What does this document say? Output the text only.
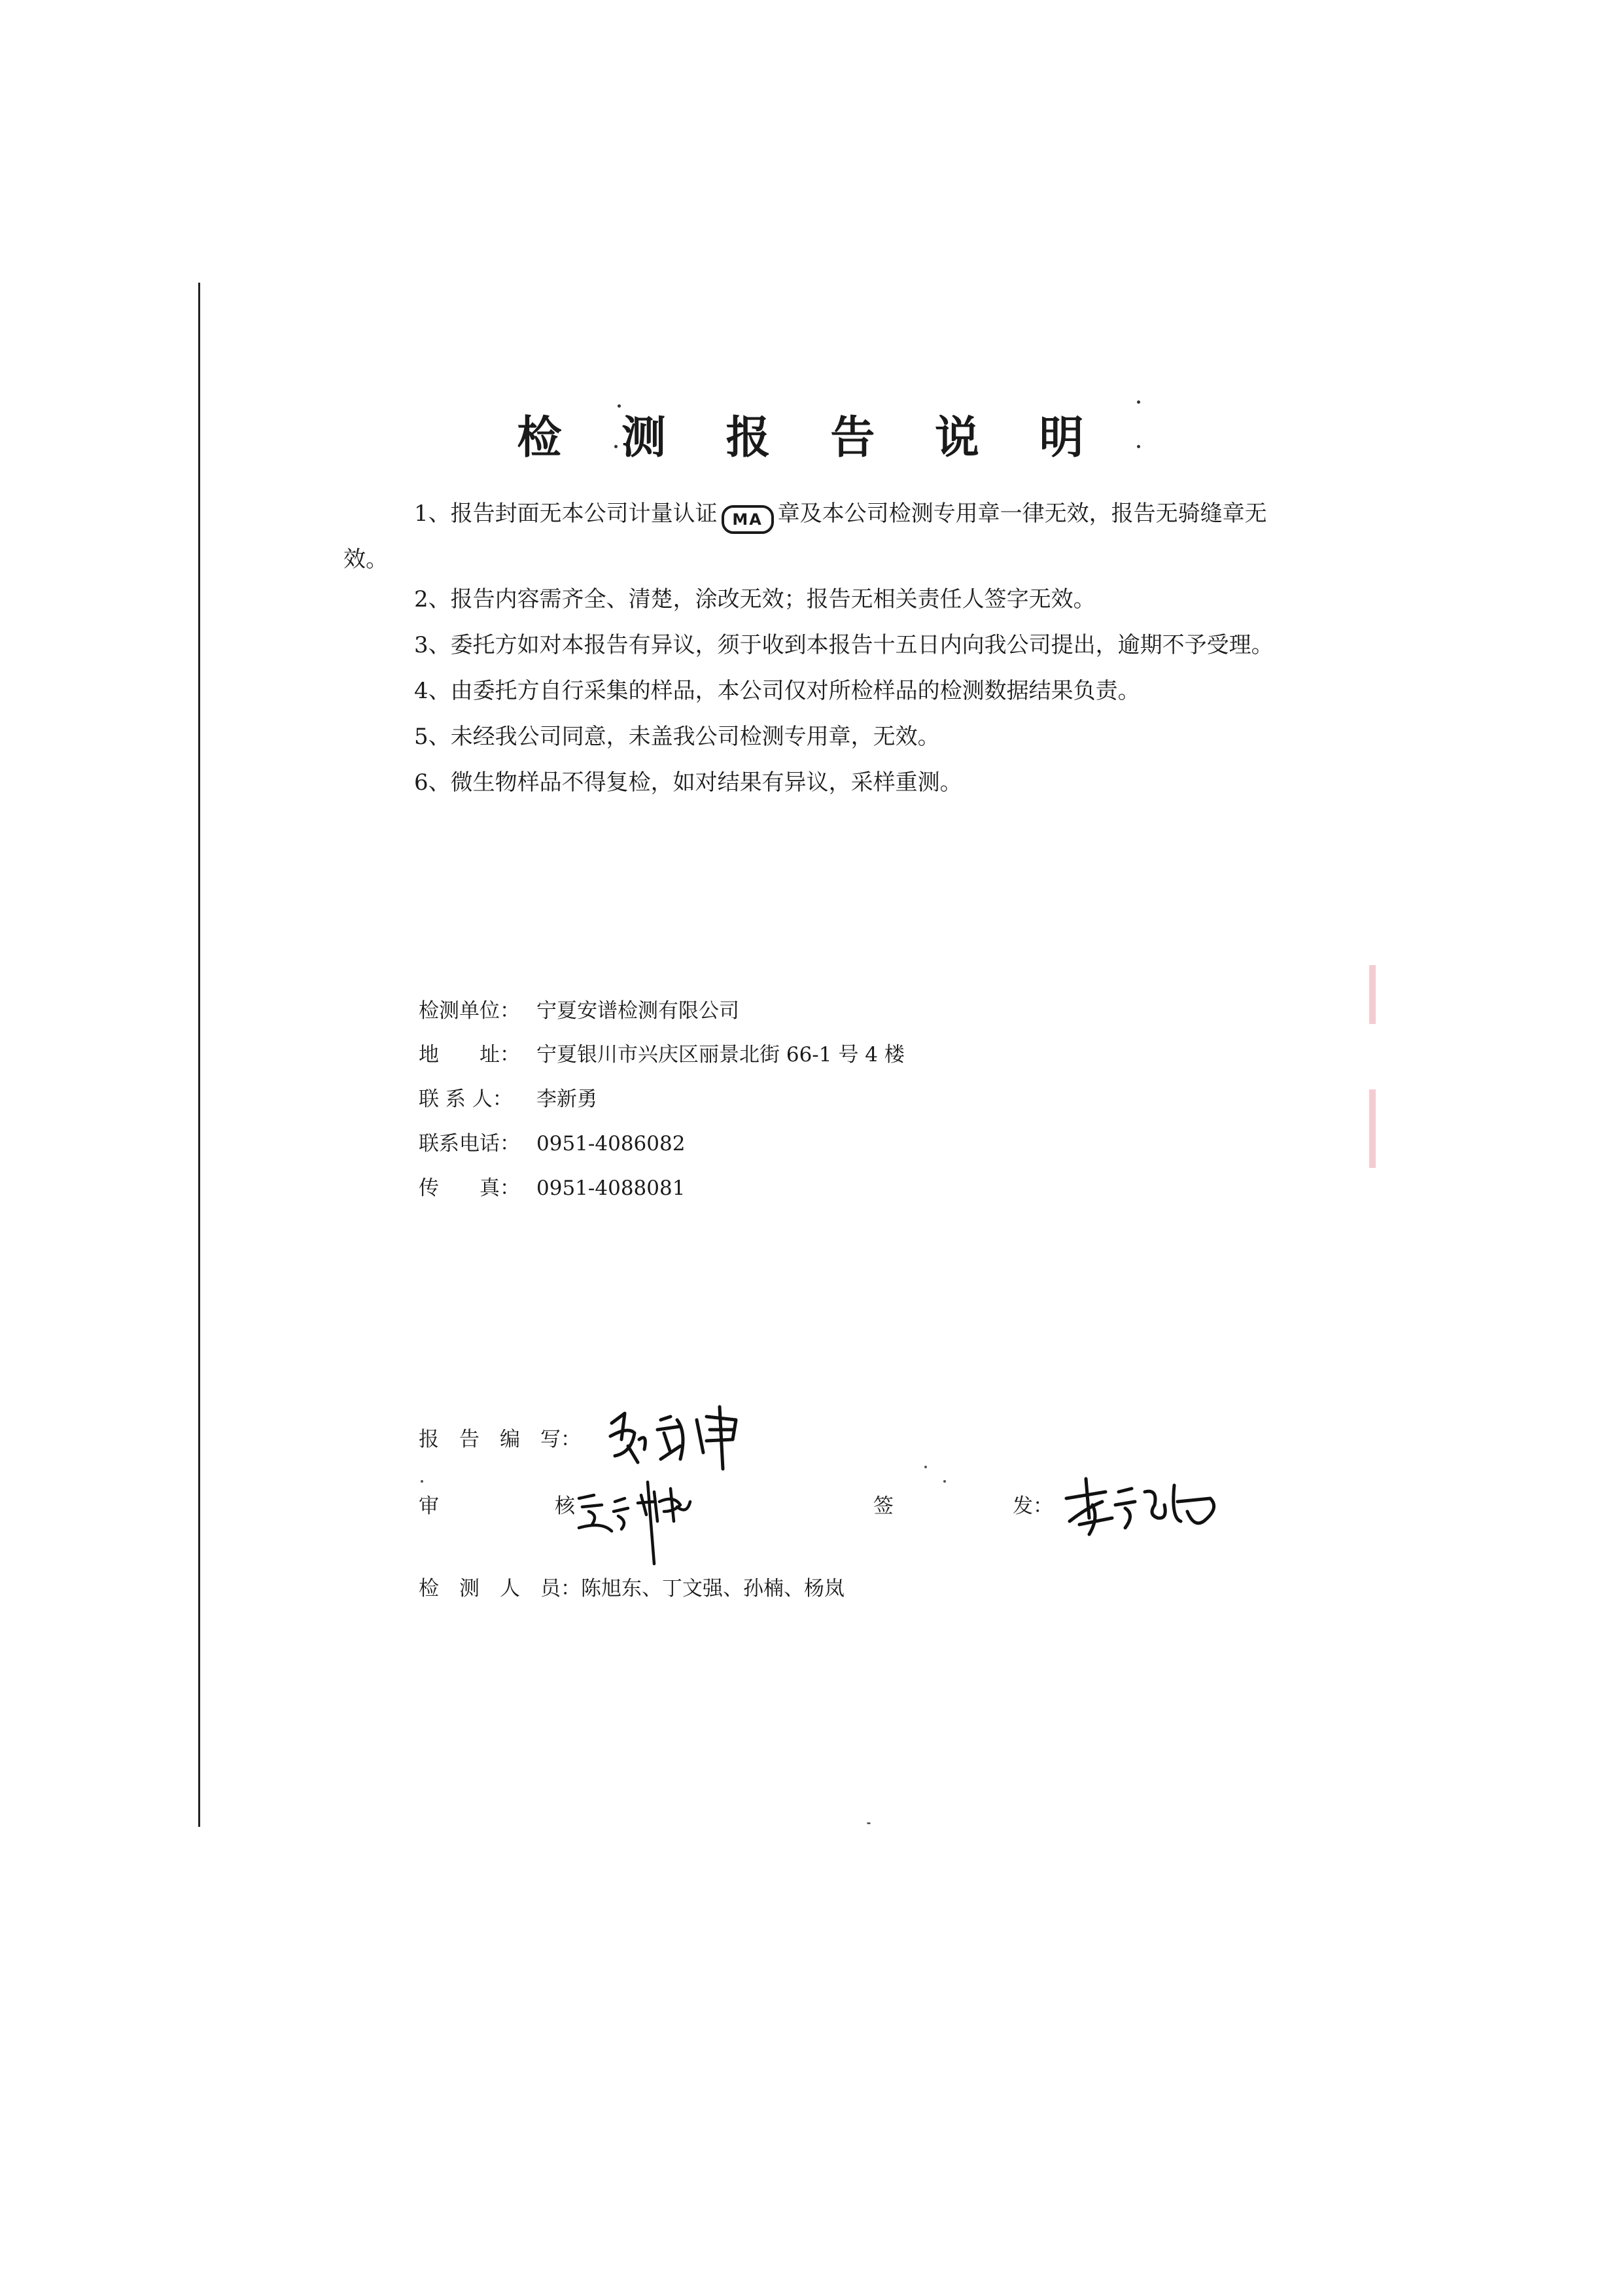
检 测 报 告 说 明
1、报告封面无本公司计量认证 MA 章及本公司检测专用章一律无效，报告无骑缝章无效。
2、报告内容需齐全、清楚，涂改无效；报告无相关责任人签字无效。
3、委托方如对本报告有异议，须于收到本报告十五日内向我公司提出，逾期不予受理。
4、由委托方自行采集的样品，本公司仅对所检样品的检测数据结果负责。
5、未经我公司同意，未盖我公司检测专用章，无效。
6、微生物样品不得复检，如对结果有异议，采样重测。
检测单位： 宁夏安谱检测有限公司
地　　址： 宁夏银川市兴庆区丽景北街 66-1 号 4 楼
联 系 人： 李新勇
联系电话： 0951-4086082
传　　真： 0951-4088081
报　告　编　写：
审	核	签	发：
检　测　人　员：陈旭东、丁文强、孙楠、杨岚
